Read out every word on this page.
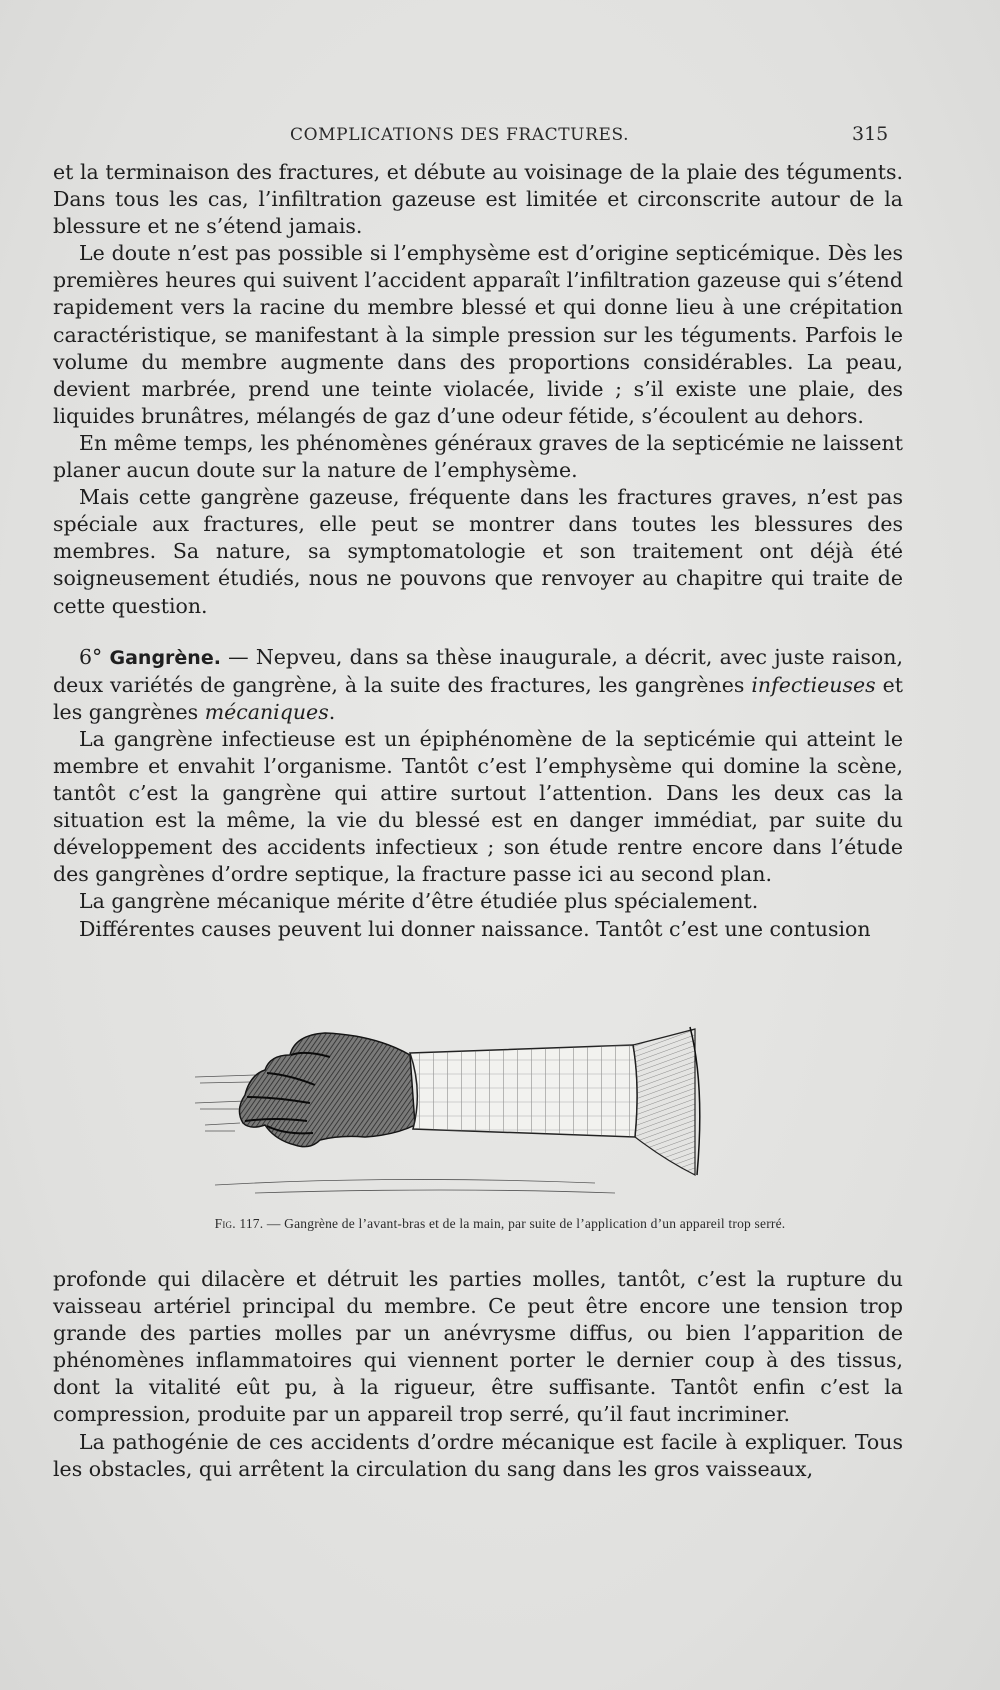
COMPLICATIONS DES FRACTURES.	315

et la terminaison des fractures, et débute au voisinage de la plaie des téguments. Dans tous les cas, l’infiltration gazeuse est limitée et circonscrite autour de la blessure et ne s’étend jamais.

Le doute n’est pas possible si l’emphysème est d’origine septicémique. Dès les premières heures qui suivent l’accident apparaît l’infiltration gazeuse qui s’étend rapidement vers la racine du membre blessé et qui donne lieu à une crépitation caractéristique, se manifestant à la simple pression sur les téguments. Parfois le volume du membre augmente dans des proportions considérables. La peau, devient marbrée, prend une teinte violacée, livide ; s’il existe une plaie, des liquides brunâtres, mélangés de gaz d’une odeur fétide, s’écoulent au dehors.

En même temps, les phénomènes généraux graves de la septicémie ne laissent planer aucun doute sur la nature de l’emphysème.

Mais cette gangrène gazeuse, fréquente dans les fractures graves, n’est pas spéciale aux fractures, elle peut se montrer dans toutes les blessures des membres. Sa nature, sa symptomatologie et son traitement ont déjà été soigneusement étudiés, nous ne pouvons que renvoyer au chapitre qui traite de cette question.

6° Gangrène. — Nepveu, dans sa thèse inaugurale, a décrit, avec juste raison, deux variétés de gangrène, à la suite des fractures, les gangrènes infectieuses et les gangrènes mécaniques.

La gangrène infectieuse est un épiphénomène de la septicémie qui atteint le membre et envahit l’organisme. Tantôt c’est l’emphysème qui domine la scène, tantôt c’est la gangrène qui attire surtout l’attention. Dans les deux cas la situation est la même, la vie du blessé est en danger immédiat, par suite du développement des accidents infectieux ; son étude rentre encore dans l’étude des gangrènes d’ordre septique, la fracture passe ici au second plan.

La gangrène mécanique mérite d’être étudiée plus spécialement.

Différentes causes peuvent lui donner naissance. Tantôt c’est une contusion

Fig. 117. — Gangrène de l’avant-bras et de la main, par suite de l’application d’un appareil trop serré.

profonde qui dilacère et détruit les parties molles, tantôt, c’est la rupture du vaisseau artériel principal du membre. Ce peut être encore une tension trop grande des parties molles par un anévrysme diffus, ou bien l’apparition de phénomènes inflammatoires qui viennent porter le dernier coup à des tissus, dont la vitalité eût pu, à la rigueur, être suffisante. Tantôt enfin c’est la compression, produite par un appareil trop serré, qu’il faut incriminer.

La pathogénie de ces accidents d’ordre mécanique est facile à expliquer. Tous les obstacles, qui arrêtent la circulation du sang dans les gros vaisseaux,
